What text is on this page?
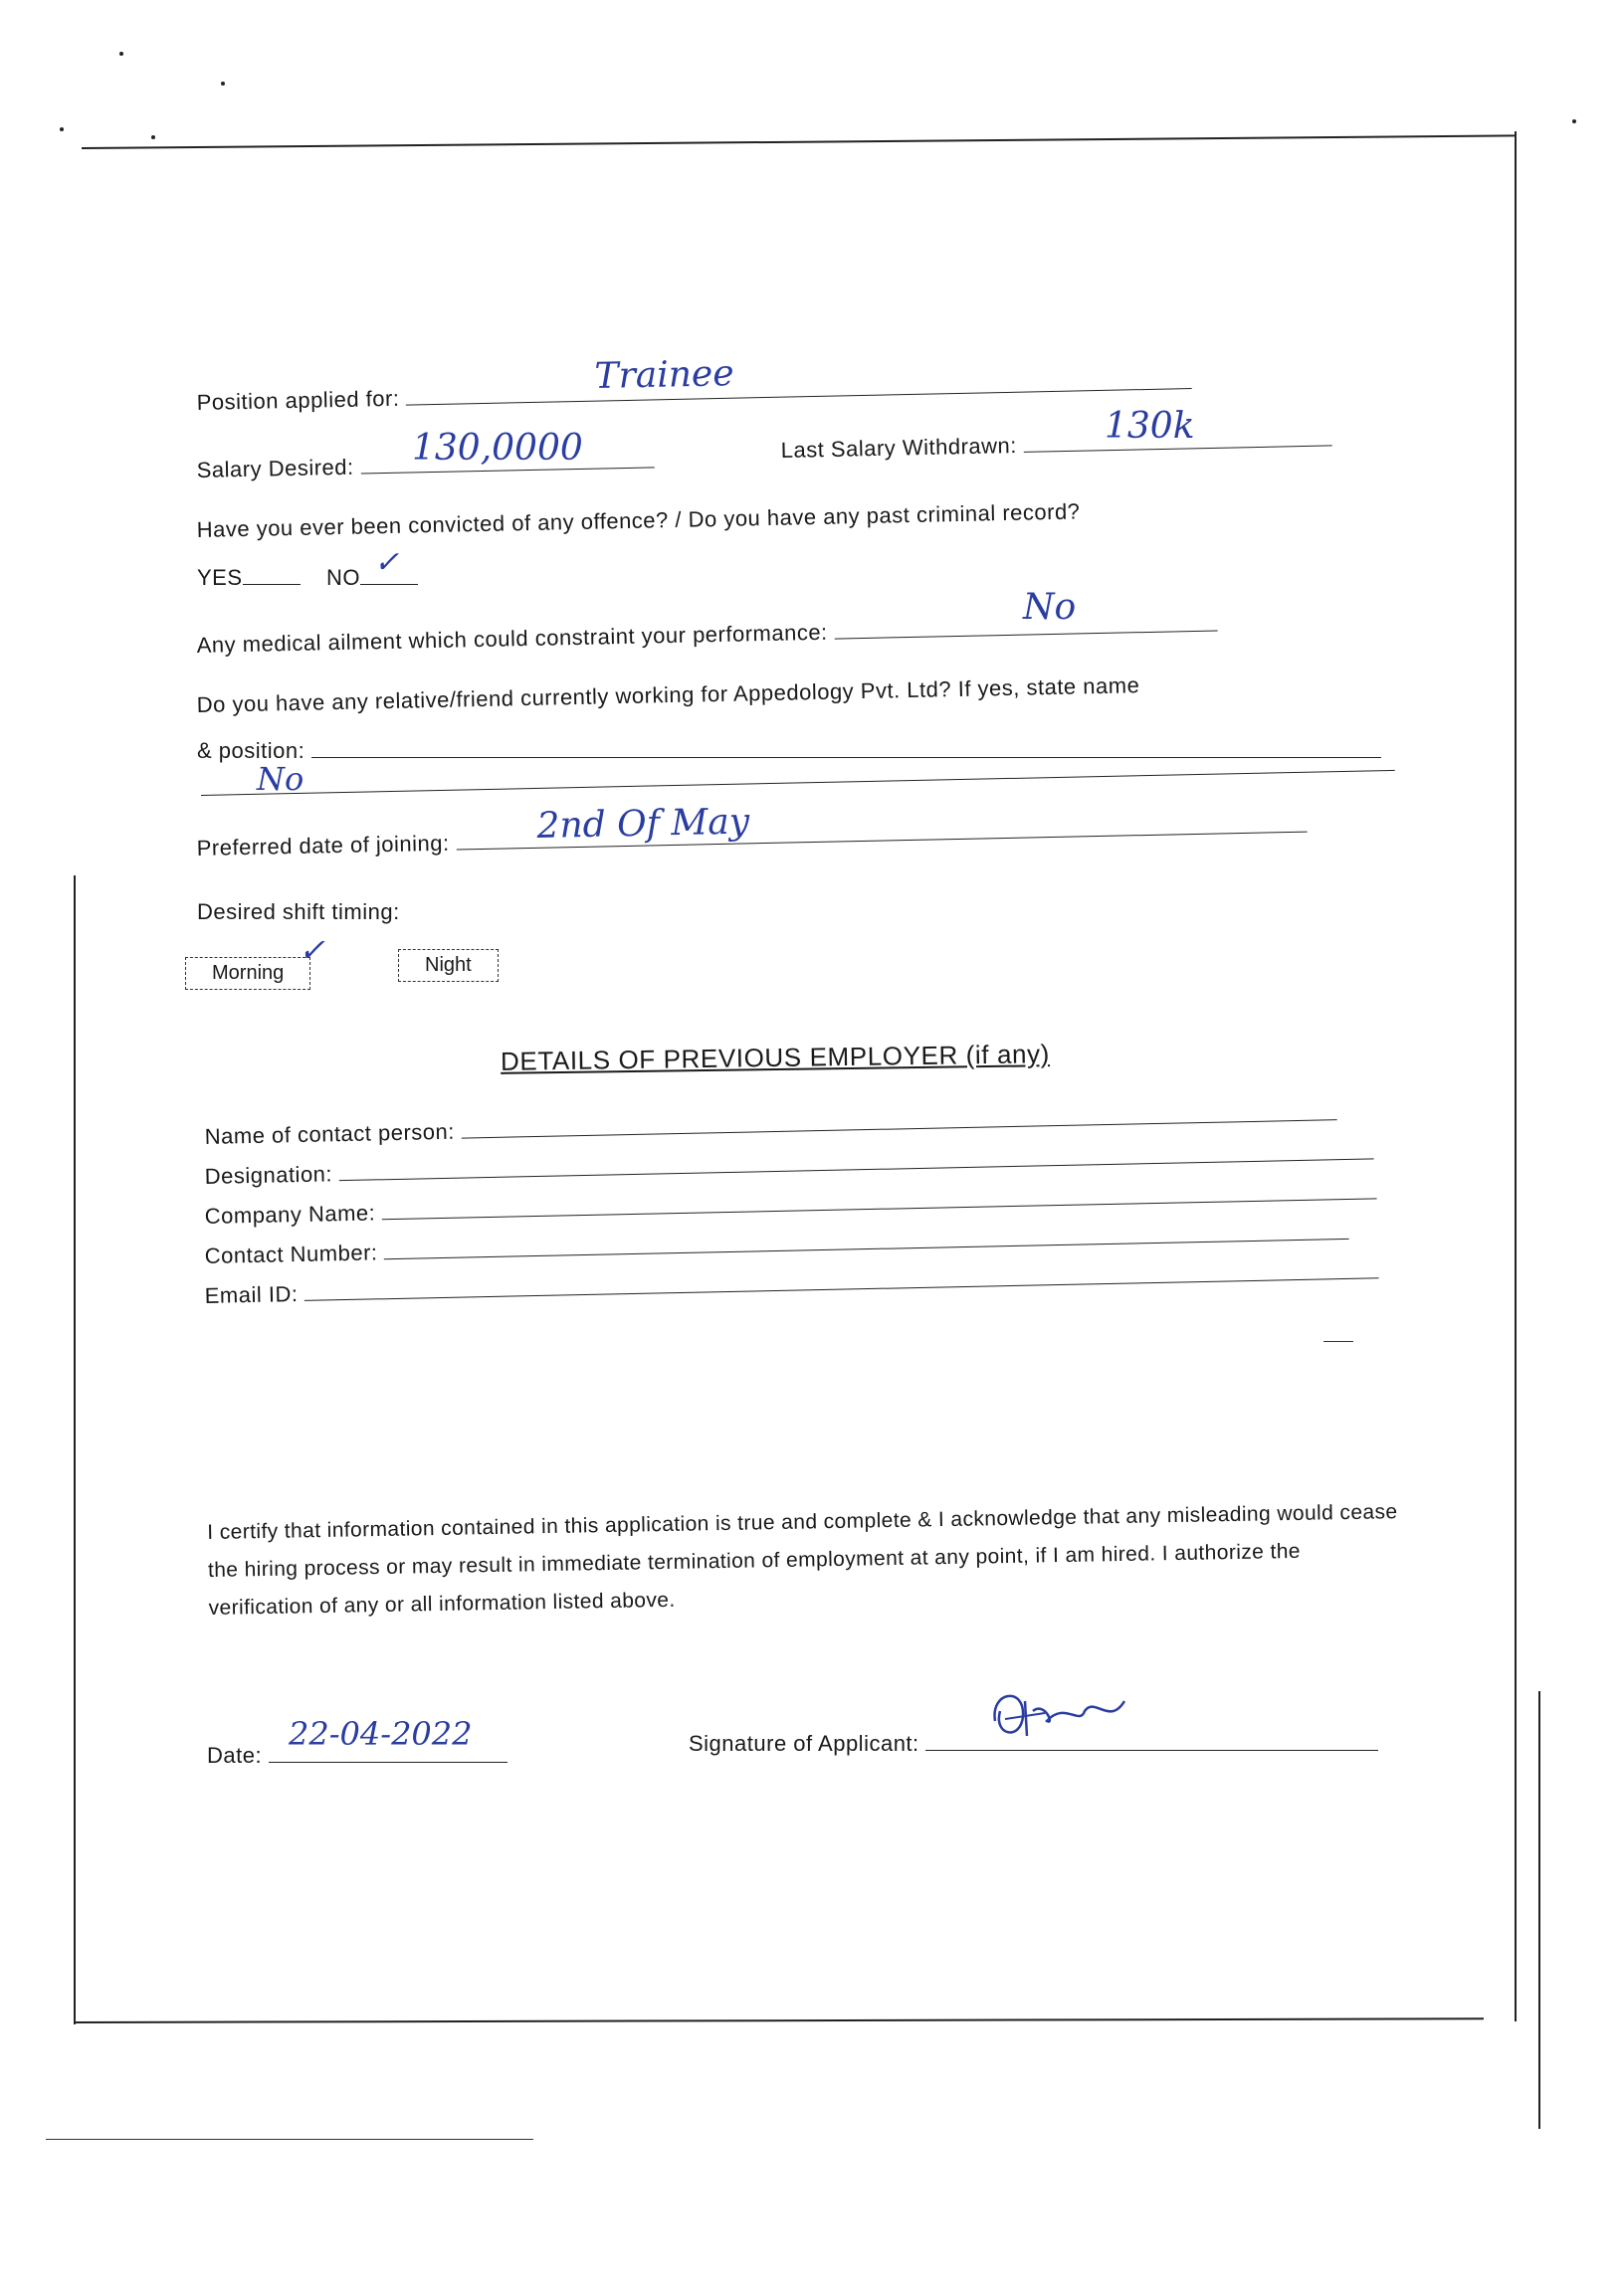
Position applied for:
Trainee
Salary Desired:	130,0000	Last Salary Withdrawn:
130k
Have you ever been convicted of any offence? / Do you have any past criminal record?
YES	NO ✓
Any medical ailment which could constraint your performance:
No
Do you have any relative/friend currently working for Appedology Pvt. Ltd? If yes, state name
& position:
No
Preferred date of joining:	2nd Of May
Desired shift timing:
Morning	Night
✓
DETAILS OF PREVIOUS EMPLOYER (if any)
Name of contact person:
Designation:
Company Name:
Contact Number:
Email ID:
I certify that information contained in this application is true and complete & I acknowledge that any misleading would cease the hiring process or may result in immediate termination of employment at any point, if I am hired. I authorize the verification of any or all information listed above.
Date:
22-04-2022	Signature of Applicant:
